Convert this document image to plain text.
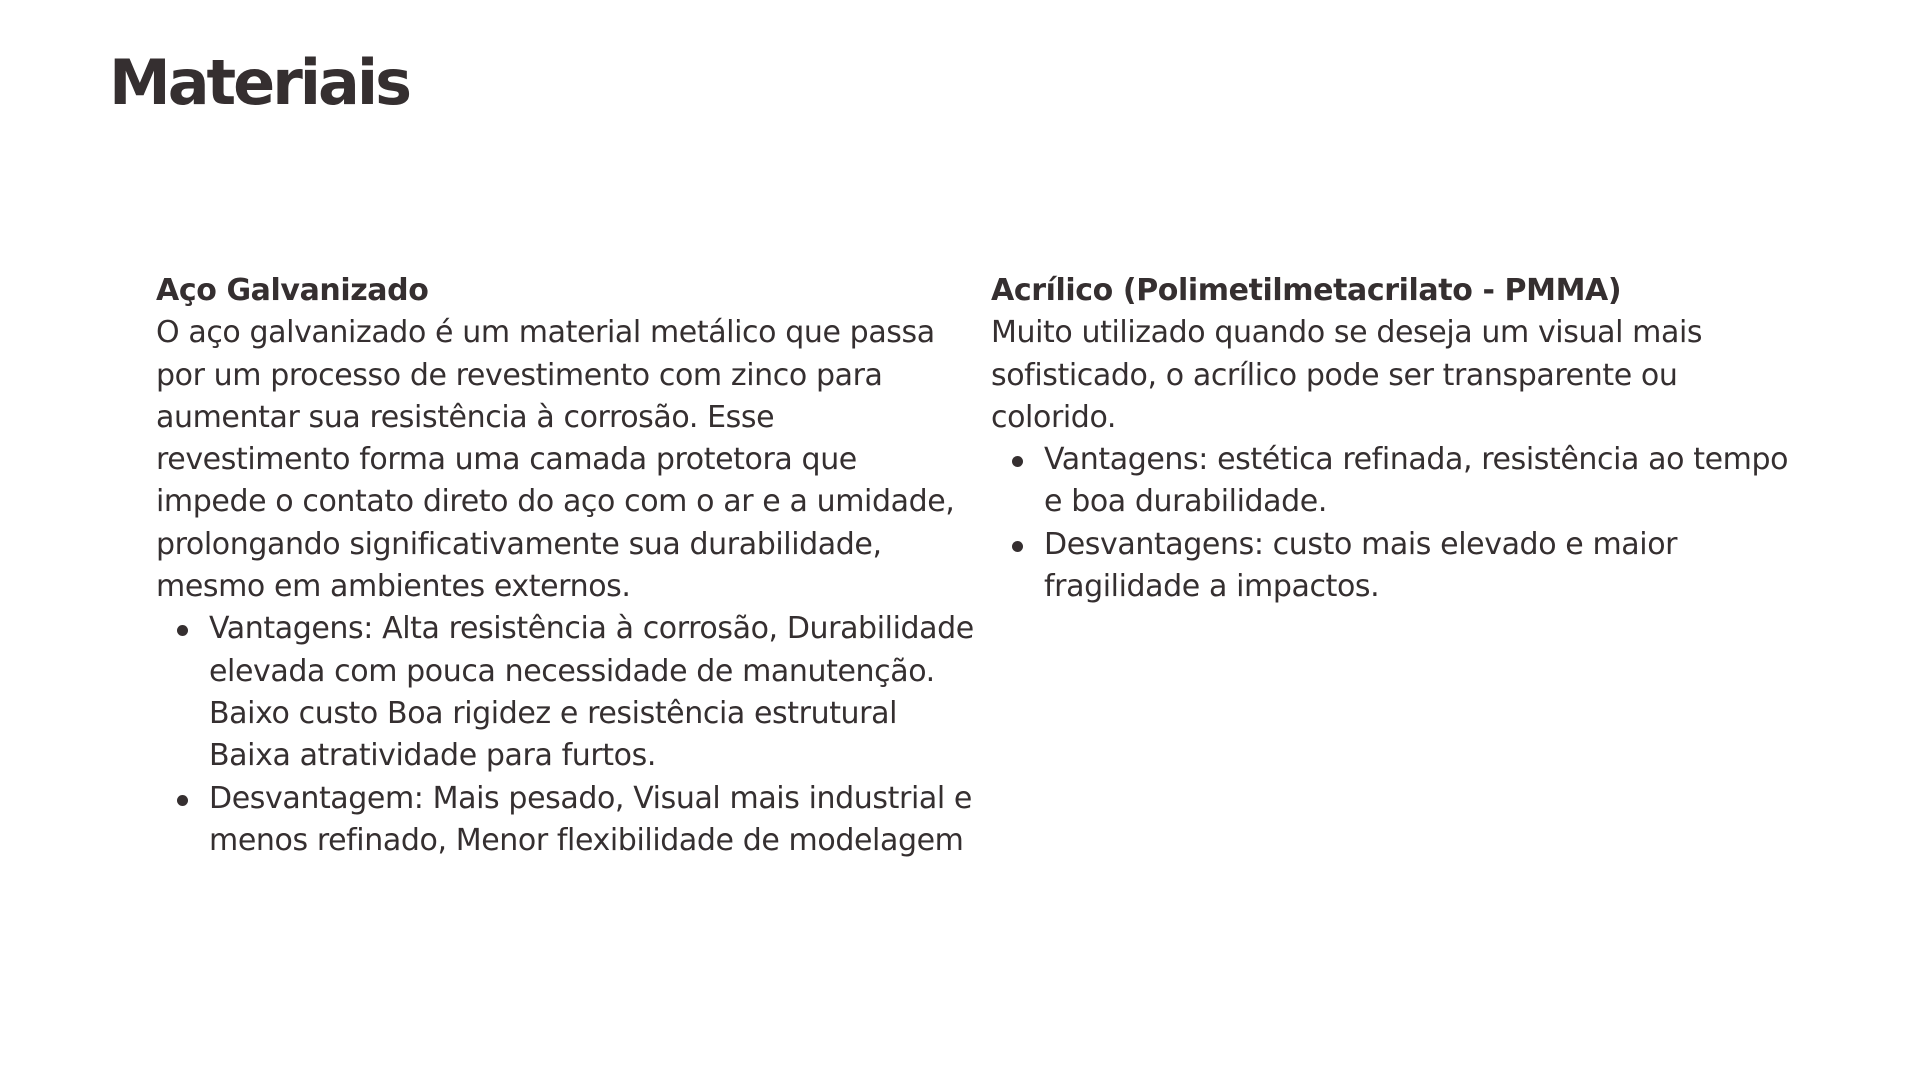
Materiais
Aço Galvanizado

O aço galvanizado é um material metálico que passa por um processo de revestimento com zinco para aumentar sua resistência à corrosão. Esse revestimento forma uma camada protetora que impede o contato direto do aço com o ar e a umidade, prolongando significativamente sua durabilidade, mesmo em ambientes externos.

Vantagens: Alta resistência à corrosão, Durabilidade elevada com pouca necessidade de manutenção. Baixo custo Boa rigidez e resistência estrutural Baixa atratividade para furtos.
Desvantagem: Mais pesado, Visual mais industrial e menos refinado, Menor flexibilidade de modelagem
Acrílico (Polimetilmetacrilato - PMMA)

Muito utilizado quando se deseja um visual mais sofisticado, o acrílico pode ser transparente ou colorido.

Vantagens: estética refinada, resistência ao tempo e boa durabilidade.
Desvantagens: custo mais elevado e maior fragilidade a impactos.
